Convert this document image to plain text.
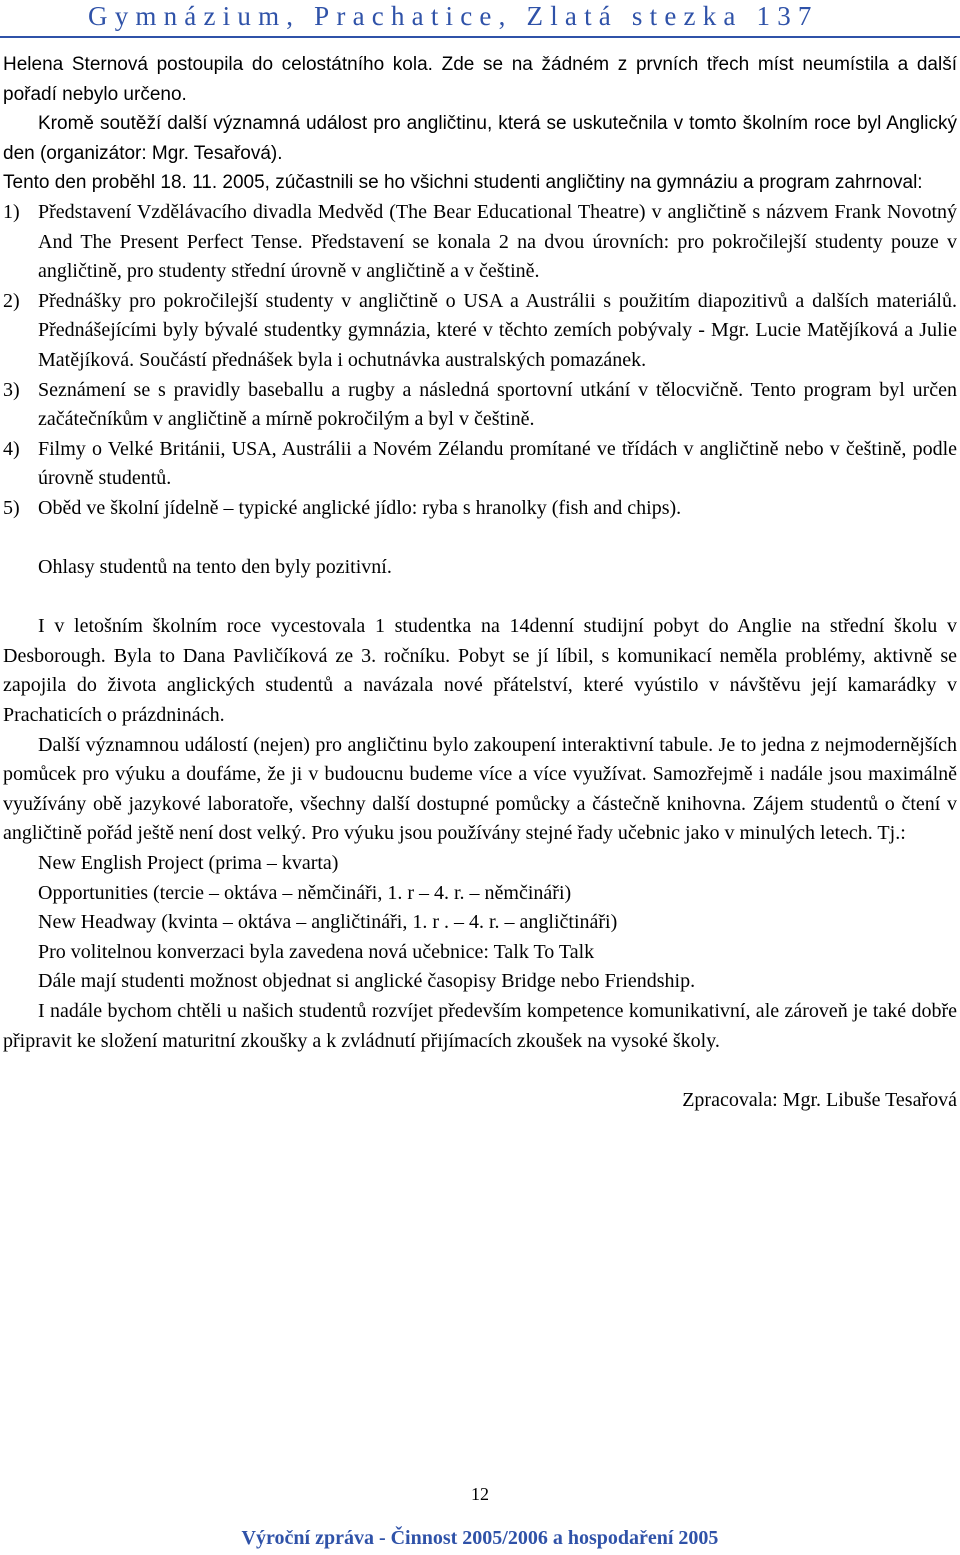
Gymnázium, Prachatice, Zlatá stezka 137

Helena Sternová postoupila do celostátního kola. Zde se na žádném z prvních třech míst neumístila a další pořadí nebylo určeno.

Kromě soutěží další významná událost pro angličtinu, která se uskutečnila v tomto školním roce byl Anglický den (organizátor: Mgr. Tesařová).

Tento den proběhl 18. 11. 2005, zúčastnili se ho všichni studenti angličtiny na gymnáziu a program zahrnoval:

1) Představení Vzdělávacího divadla Medvěd (The Bear Educational Theatre) v angličtině s názvem Frank Novotný And The Present Perfect Tense. Představení se konala 2 na dvou úrovních: pro pokročilejší studenty pouze v angličtině, pro studenty střední úrovně v angličtině a v češtině.
2) Přednášky pro pokročilejší studenty v angličtině o USA a Austrálii s použitím diapozitivů a dalších materiálů. Přednášejícími byly bývalé studentky gymnázia, které v těchto zemích pobývaly - Mgr. Lucie Matějíková a Julie Matějíková. Součástí přednášek byla i ochutnávka australských pomazánek.
3) Seznámení se s pravidly baseballu a rugby a následná sportovní utkání v tělocvičně. Tento program byl určen začátečníkům v angličtině a mírně pokročilým a byl v češtině.
4) Filmy o Velké Británii, USA, Austrálii a Novém Zélandu promítané ve třídách v angličtině nebo v češtině, podle úrovně studentů.
5) Oběd ve školní jídelně – typické anglické jídlo: ryba s hranolky (fish and chips).

Ohlasy studentů na tento den byly pozitivní.

I v letošním školním roce vycestovala 1 studentka na 14denní studijní pobyt do Anglie na střední školu v Desborough. Byla to Dana Pavličíková ze 3. ročníku. Pobyt se jí líbil, s komunikací neměla problémy, aktivně se zapojila do života anglických studentů a navázala nové přátelství, které vyústilo v návštěvu její kamarádky v Prachaticích o prázdninách.

Další významnou událostí (nejen) pro angličtinu bylo zakoupení interaktivní tabule. Je to jedna z nejmodernějších pomůcek pro výuku a doufáme, že ji v budoucnu budeme více a více využívat. Samozřejmě i nadále jsou maximálně využívány obě jazykové laboratoře, všechny další dostupné pomůcky a částečně knihovna. Zájem studentů o čtení v angličtině pořád ještě není dost velký. Pro výuku jsou používány stejné řady učebnic jako v minulých letech. Tj.:

New English Project (prima – kvarta)

Opportunities (tercie – oktáva – němčináři, 1. r – 4. r. – němčináři)

New Headway (kvinta – oktáva – angličtináři, 1. r . – 4. r. – angličtináři)

Pro volitelnou konverzaci byla zavedena nová učebnice: Talk To Talk

Dále mají studenti možnost objednat si anglické časopisy Bridge nebo Friendship.

I nadále bychom chtěli u našich studentů rozvíjet především kompetence komunikativní, ale zároveň je také dobře připravit ke složení maturitní zkoušky a k zvládnutí přijímacích zkoušek na vysoké školy.

Zpracovala: Mgr. Libuše Tesařová

12
Výroční zpráva - Činnost 2005/2006 a hospodaření 2005
